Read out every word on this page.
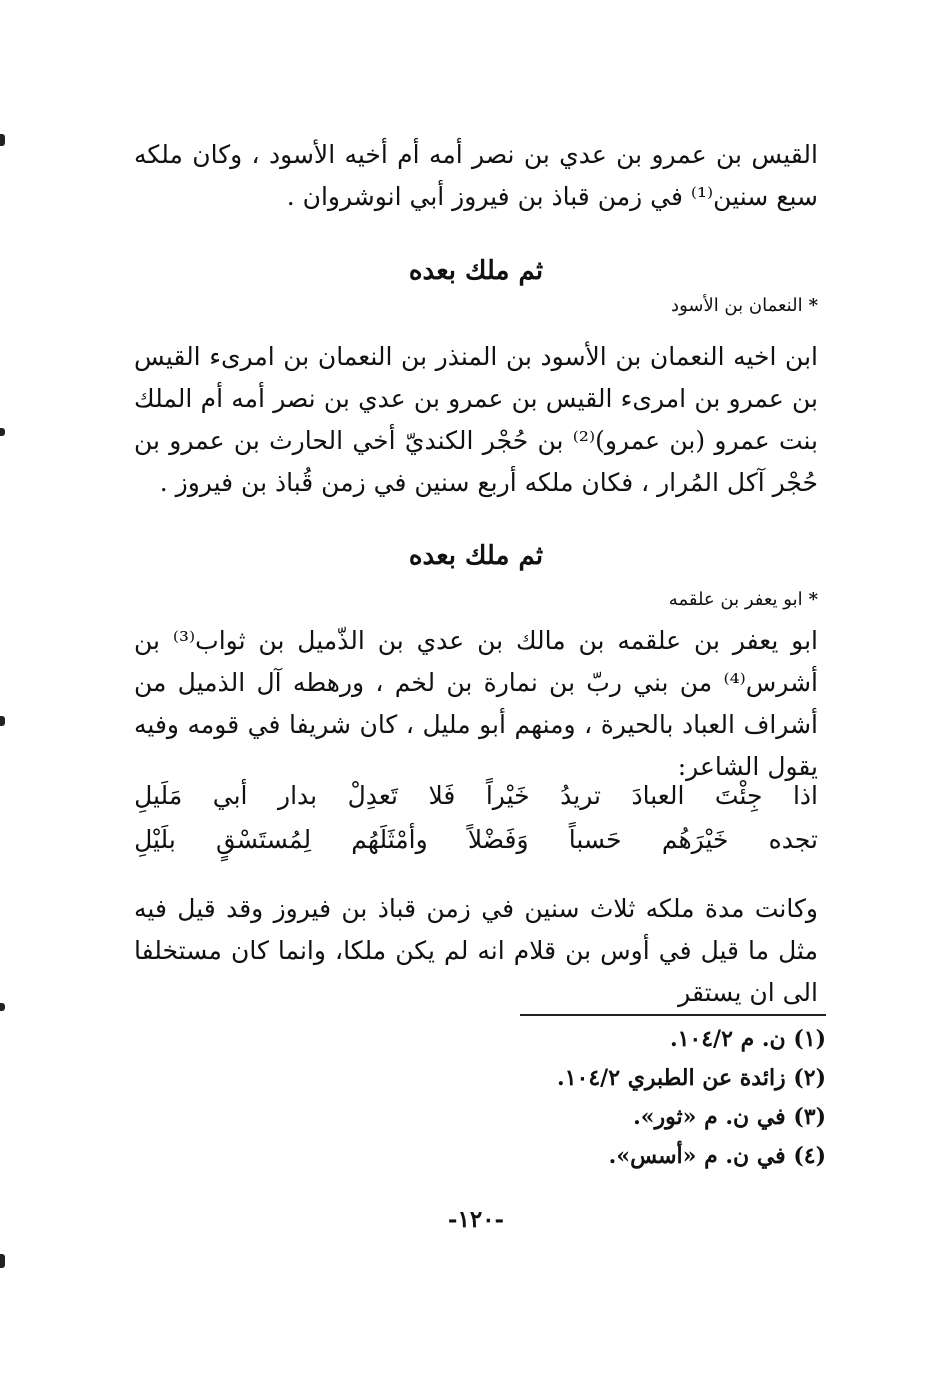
القيس بن عمرو بن عدي بن نصر أمه أم أخيه الأسود ، وكان ملكه سبع سنين⁽¹⁾ في زمن قباذ بن فيروز أبي انوشروان .
ثم ملك بعده
*النعمان بن الأسود
ابن اخيه النعمان بن الأسود بن المنذر بن النعمان بن امرىء القيس بن عمرو بن امرىء القيس بن عمرو بن عدي بن نصر أمه أم الملك بنت عمرو (بن عمرو)⁽²⁾ بن حُجْر الكنديّ أخي الحارث بن عمرو بن حُجْر آكل المُرار ، فكان ملكه أربع سنين في زمن قُباذ بن فيروز .
ثم ملك بعده
*ابو يعفر بن علقمه
ابو يعفر بن علقمه بن مالك بن عدي بن الذّميل بن ثواب⁽³⁾ بن أشرس⁽⁴⁾ من بني ربّ بن نمارة بن لخم ، ورهطه آل الذميل من أشراف العباد بالحيرة ، ومنهم أبو مليل ، كان شريفا في قومه وفيه يقول الشاعر:
اذا
جِئْتَ
العبادَ
تريدُ
خَيْراً
فَلا
تَعدِلْ
بدار
أبي
مَلَيلِ
تجده
خَيْرَهُم
حَسباً
وَفَضْلاً
وأمْثَلَهُم
لِمُستَسْقٍ
بلَيْلِ
وكانت مدة ملكه ثلاث سنين في زمن قباذ بن فيروز وقد قيل فيه مثل ما قيل في أوس بن قلام انه لم يكن ملكا، وانما كان مستخلفا الى ان يستقر
(١) ن. م ١٠٤/٢.
(٢) زائدة عن الطبري ١٠٤/٢.
(٣) في ن. م «ثور».
(٤) في ن. م «أسس».
-١٢٠-
